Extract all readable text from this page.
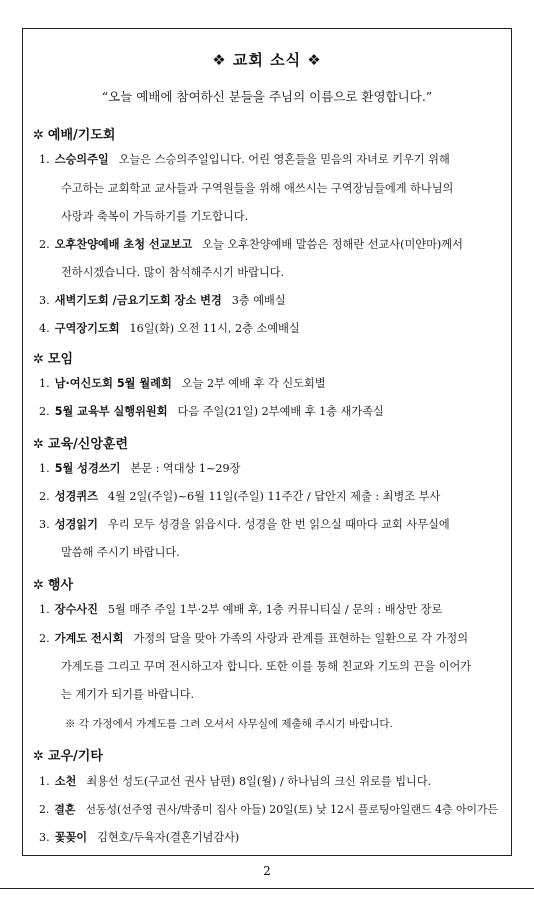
❖ 교회 소식 ❖
“오늘 예배에 참여하신 분들을 주님의 이름으로 환영합니다.”
✲ 예배/기도회
1. 스승의주일 오늘은 스승의주일입니다. 어린 영혼들을 믿음의 자녀로 키우기 위해
수고하는 교회학교 교사들과 구역원들을 위해 애쓰시는 구역장님들에게 하나님의
사랑과 축복이 가득하기를 기도합니다.
2. 오후찬양예배 초청 선교보고 오늘 오후찬양예배 말씀은 정해란 선교사(미얀마)께서
전하시겠습니다. 많이 참석해주시기 바랍니다.
3. 새벽기도회 /금요기도회 장소 변경 3층 예배실
4. 구역장기도회 16일(화) 오전 11시, 2층 소예배실
✲ 모임
1. 남·여신도회 5월 월례회 오늘 2부 예배 후 각 신도회별
2. 5월 교육부 실행위원회 다음 주일(21일) 2부예배 후 1층 새가족실
✲ 교육/신앙훈련
1. 5월 성경쓰기 본문 : 역대상 1~29장
2. 성경퀴즈 4월 2일(주일)~6월 11일(주일) 11주간 / 답안지 제출 : 최병조 부사
3. 성경읽기 우리 모두 성경을 읽읍시다. 성경을 한 번 읽으실 때마다 교회 사무실에
말씀해 주시기 바랍니다.
✲ 행사
1. 장수사진 5월 매주 주일 1부·2부 예배 후, 1층 커뮤니티실 / 문의 : 배상만 장로
2. 가계도 전시회 가정의 달을 맞아 가족의 사랑과 관계를 표현하는 일환으로 각 가정의
가계도를 그리고 꾸며 전시하고자 합니다. 또한 이를 통해 친교와 기도의 끈을 이어가
는 계기가 되기를 바랍니다.
※ 각 가정에서 가계도를 그려 오셔서 사무실에 제출해 주시기 바랍니다.
✲ 교우/기타
1. 소천 최용선 성도(구교선 권사 남편) 8일(월) / 하나님의 크신 위로를 빕니다.
2. 결혼 선동성(선주영 권사/박종미 집사 아들) 20일(토) 낮 12시 플로팅아일랜드 4층 아이가든
3. 꽃꽂이 김현호/두육자(결혼기념감사)
2
